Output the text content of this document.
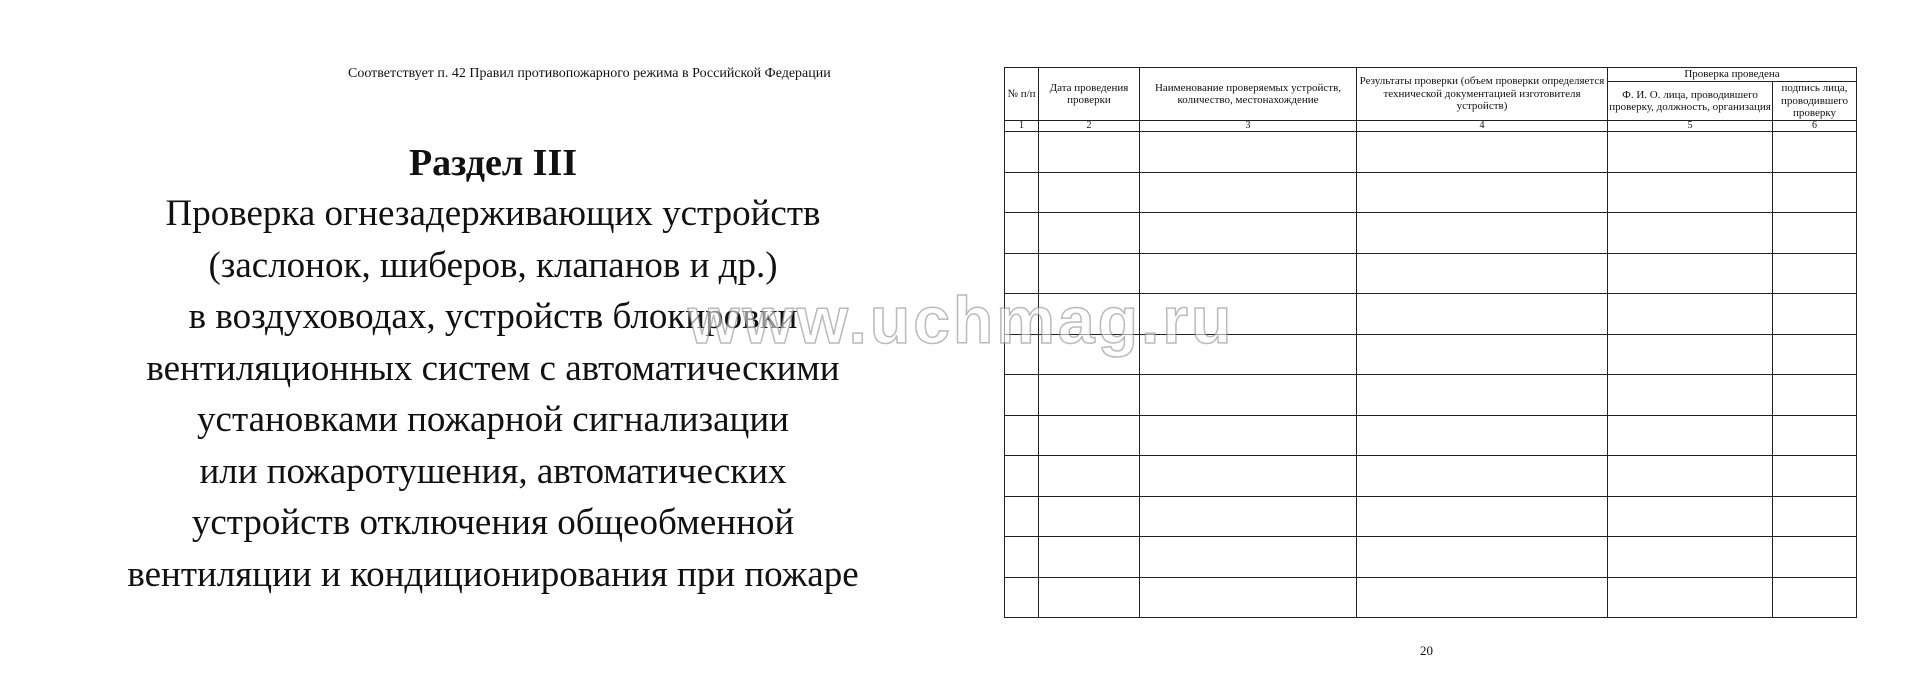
Соответствует п. 42 Правил противопожарного режима в Российской Федерации
Раздел III
Проверка огнезадерживающих устройств
(заслонок, шиберов, клапанов и др.)
в воздуховодах, устройств блокировки
вентиляционных систем с автоматическими
установками пожарной сигнализации
или пожаротушения, автоматических
устройств отключения общеобменной
вентиляции и кондиционирования при пожаре
№ п/п	Дата проведения проверки	Наименование проверяемых устройств, количество, местонахождение	Результаты проверки (объем проверки определяется технической документацией изготовителя устройств)	Проверка проведена	
				Ф. И. О. лица, проводившего проверку, должность, организация	подпись лица, проводившего проверку
1	2	3	4	5	6

20
www.uchmag.ru
